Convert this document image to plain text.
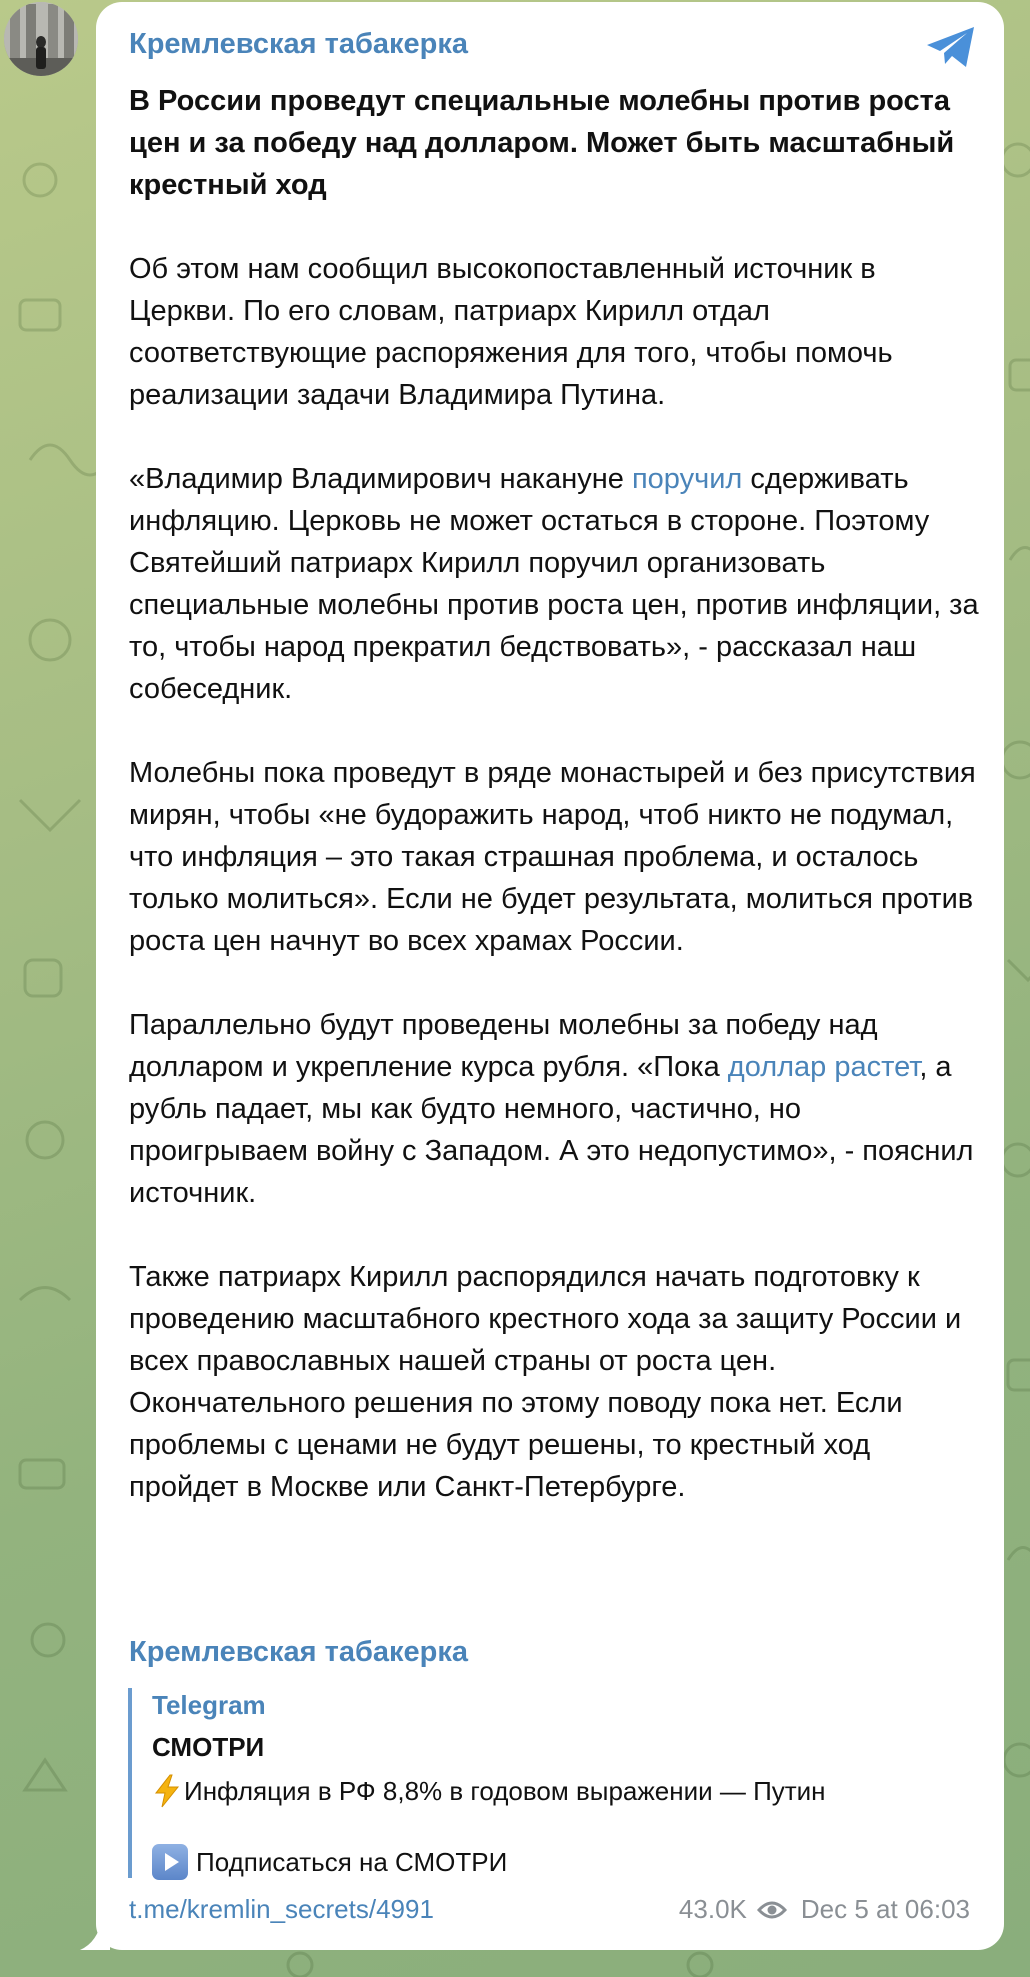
Кремлевская табакерка

В России проведут специальные молебны против роста цен и за победу над долларом. Может быть масштабный крестный ход

Об этом нам сообщил высокопоставленный источник в Церкви. По его словам, патриарх Кирилл отдал соответствующие распоряжения для того, чтобы помочь реализации задачи Владимира Путина.

«Владимир Владимирович накануне поручил сдерживать инфляцию. Церковь не может остаться в стороне. Поэтому Святейший патриарх Кирилл поручил организовать специальные молебны против роста цен, против инфляции, за то, чтобы народ прекратил бедствовать», - рассказал наш собеседник.

Молебны пока проведут в ряде монастырей и без присутствия мирян, чтобы «не будоражить народ, чтоб никто не подумал, что инфляция – это такая страшная проблема, и осталось только молиться». Если не будет результата, молиться против роста цен начнут во всех храмах России.

Параллельно будут проведены молебны за победу над долларом и укрепление курса рубля. «Пока доллар растет, а рубль падает, мы как будто немного, частично, но проигрываем войну с Западом. А это недопустимо», - пояснил источник.

Также патриарх Кирилл распорядился начать подготовку к проведению масштабного крестного хода за защиту России и всех православных нашей страны от роста цен. Окончательного решения по этому поводу пока нет. Если проблемы с ценами не будут решены, то крестный ход пройдет в Москве или Санкт-Петербурге.

Кремлевская табакерка
Telegram
СМОТРИ
Инфляция в РФ 8,8% в годовом выражении — Путин
Подписаться на СМОТРИ
t.me/kremlin_secrets/4991	43.0K Dec 5 at 06:03
